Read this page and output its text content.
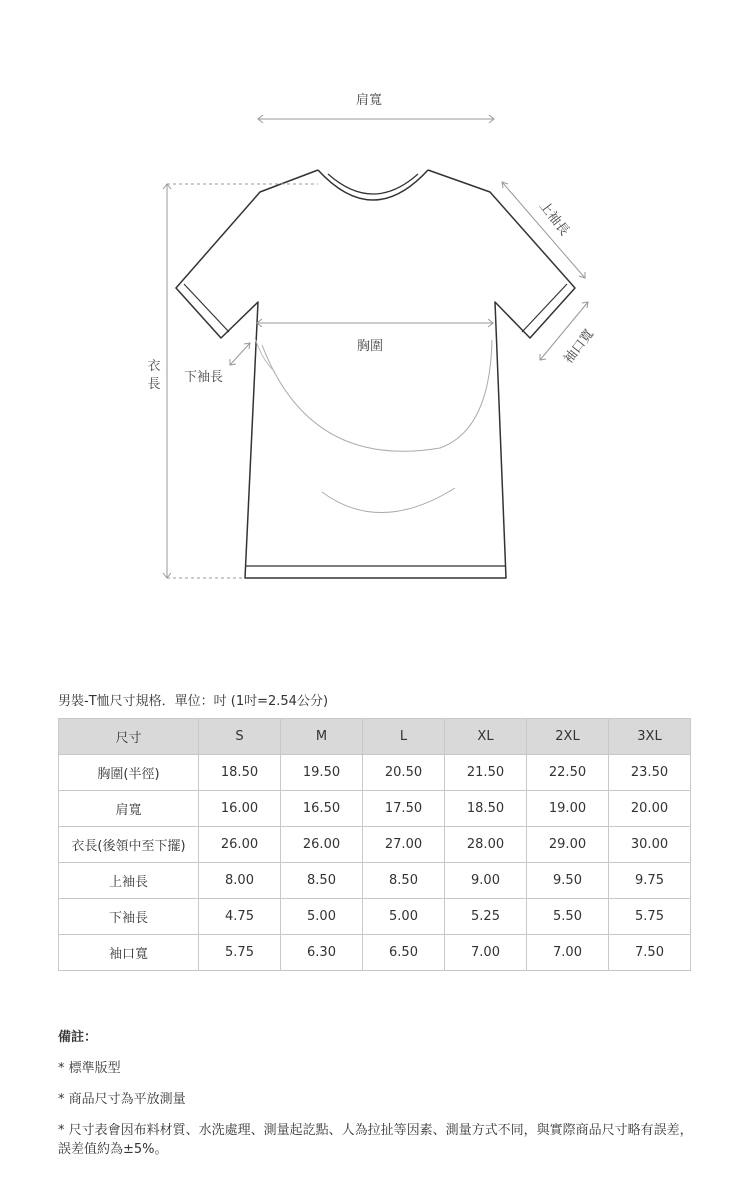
肩寬
胸圍
衣長 下袖長
上袖長
袖口寬
男裝-T恤尺寸規格．單位：吋 (1吋=2.54公分)
尺寸	S	M	L	XL	2XL	3XL
胸圍(半徑)	18.50	19.50	20.50	21.50	22.50	23.50
肩寬	16.00	16.50	17.50	18.50	19.00	20.00
衣長(後領中至下擺)	26.00	26.00	27.00	28.00	29.00	30.00
上袖長	8.00	8.50	8.50	9.00	9.50	9.75
下袖長	4.75	5.00	5.00	5.25	5.50	5.75
袖口寬	5.75	6.30	6.50	7.00	7.00	7.50
備註：
* 標準版型
* 商品尺寸為平放測量
* 尺寸表會因布料材質、水洗處理、測量起訖點、人為拉扯等因素、測量方式不同，與實際商品尺寸略有誤差，誤差值約為±5%。
